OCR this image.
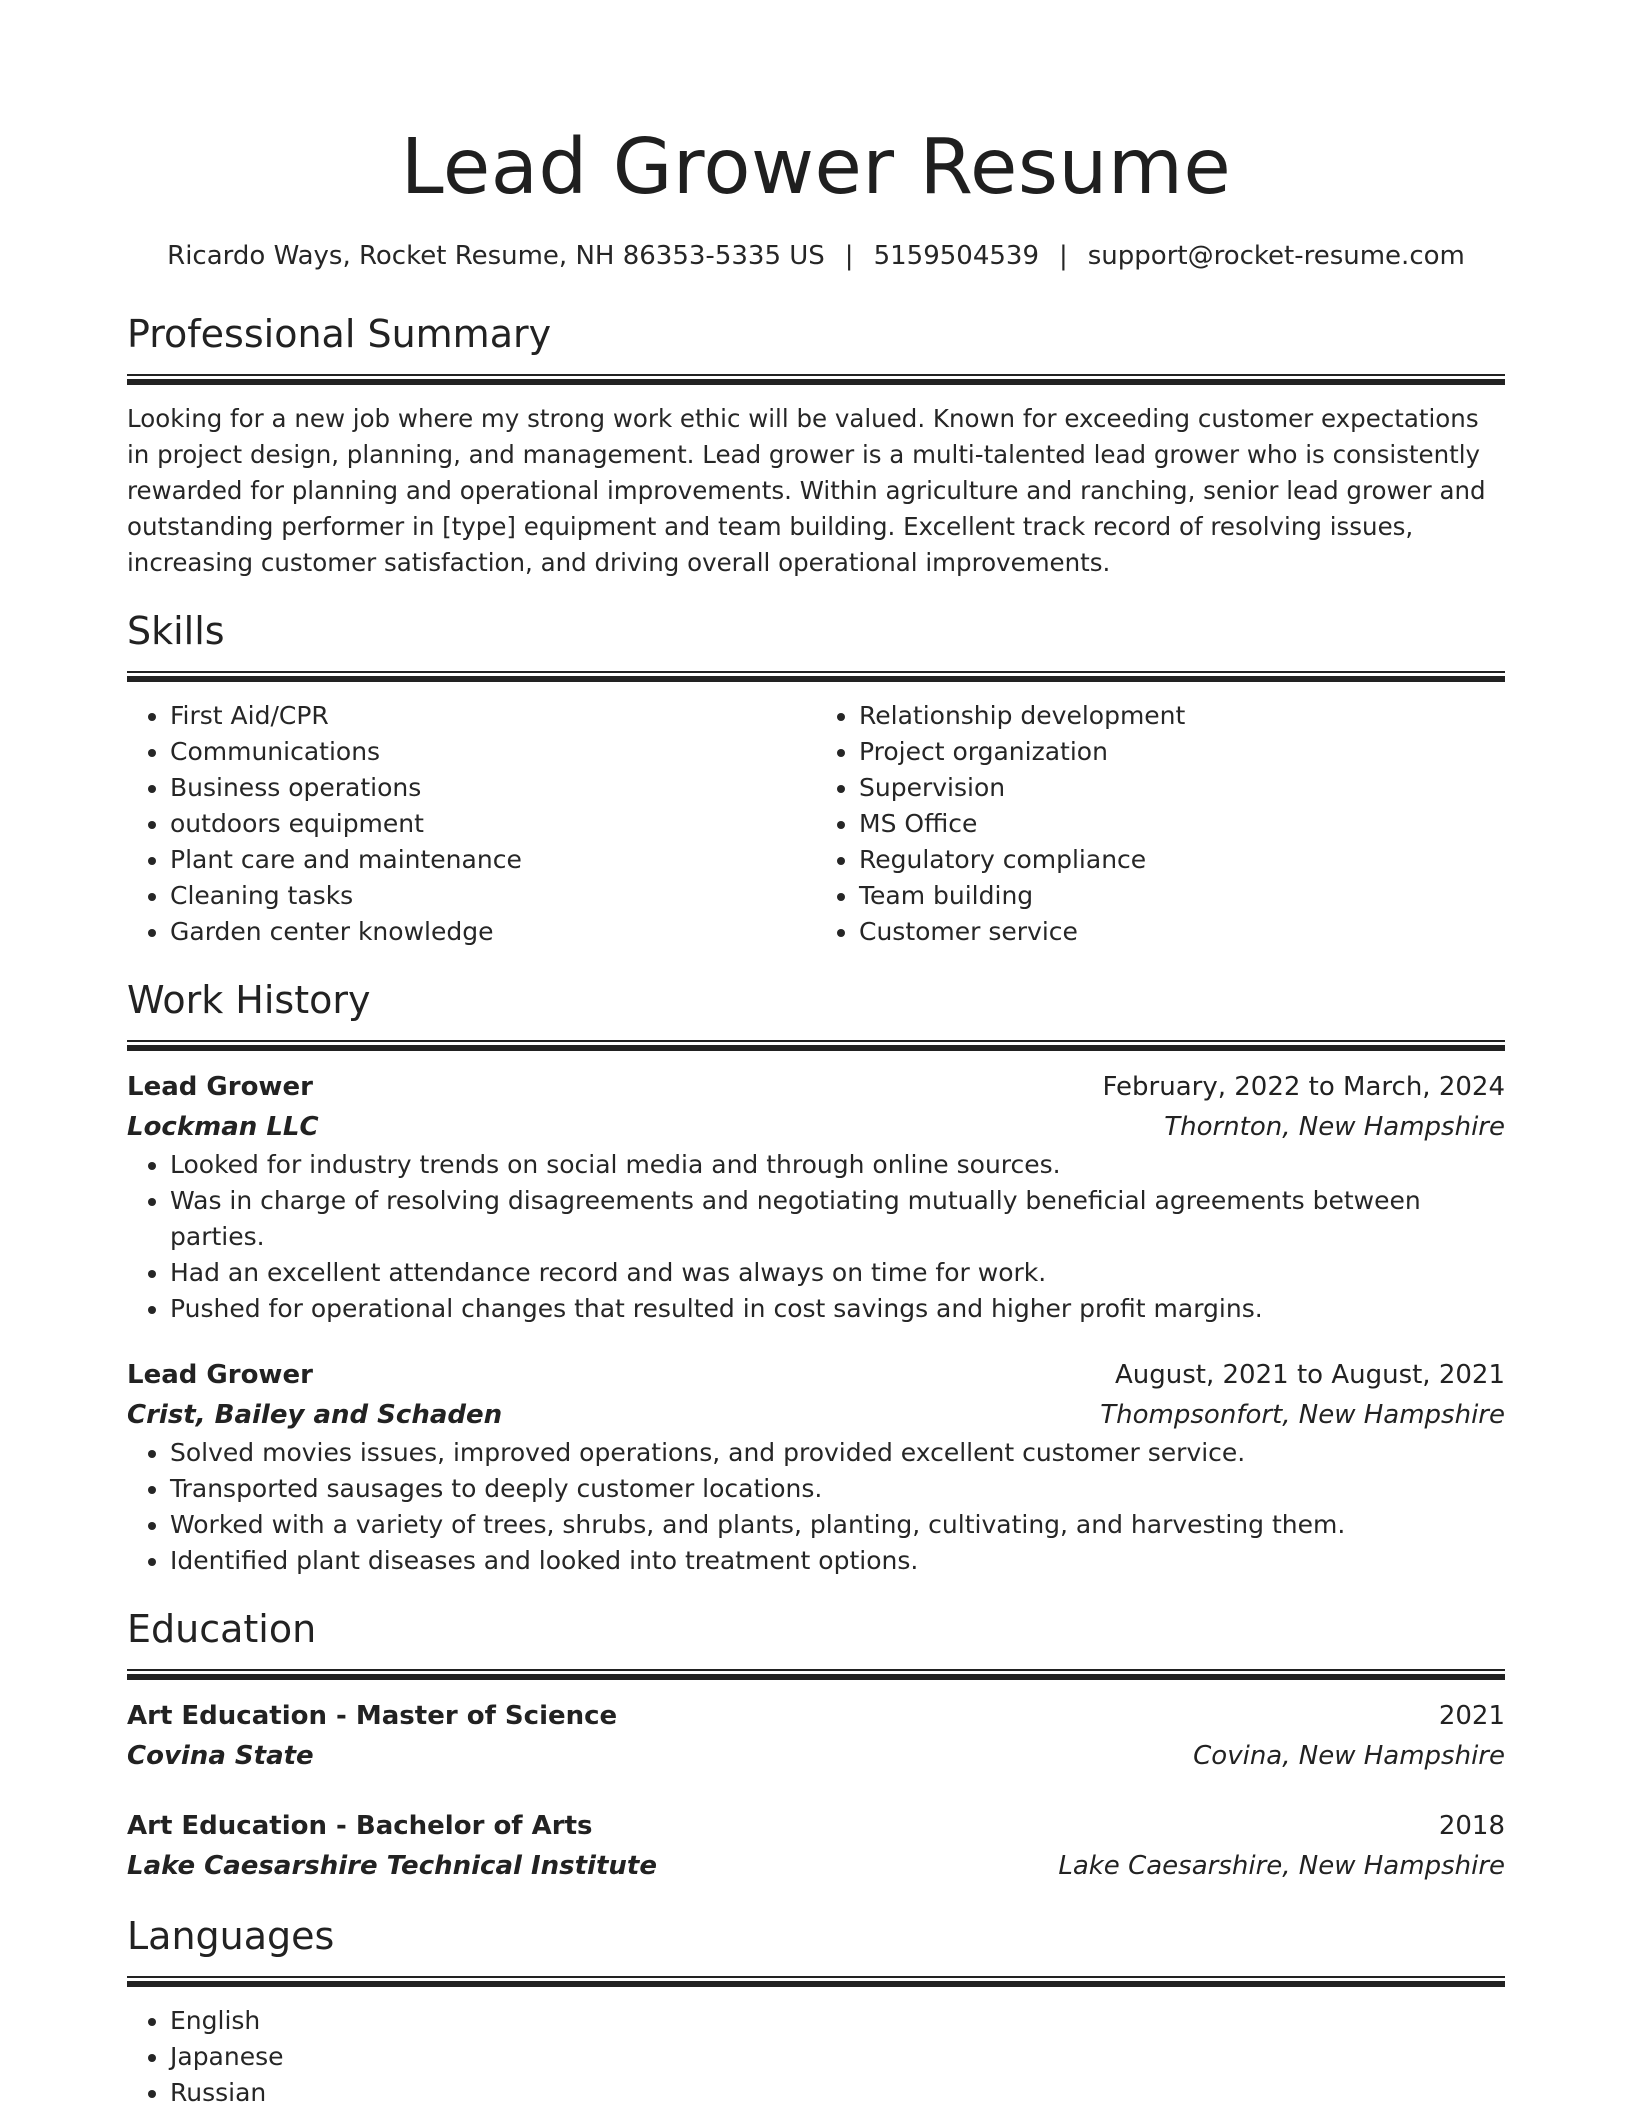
Lead Grower Resume
Ricardo Ways, Rocket Resume, NH 86353-5335 US | 5159504539 | support@rocket-resume.com
Professional Summary

Looking for a new job where my strong work ethic will be valued. Known for exceeding customer expectations in project design, planning, and management. Lead grower is a multi-talented lead grower who is consistently rewarded for planning and operational improvements. Within agriculture and ranching, senior lead grower and outstanding performer in [type] equipment and team building. Excellent track record of resolving issues, increasing customer satisfaction, and driving overall operational improvements.

Skills
• First Aid/CPR
• Communications
• Business operations
• outdoors equipment
• Plant care and maintenance
• Cleaning tasks
• Garden center knowledge
• Relationship development
• Project organization
• Supervision
• MS Office
• Regulatory compliance
• Team building
• Customer service
Work History
Lead Grower	February, 2022 to March, 2024
Lockman LLC	Thornton, New Hampshire
• Looked for industry trends on social media and through online sources.
• Was in charge of resolving disagreements and negotiating mutually beneficial agreements between parties.
• Had an excellent attendance record and was always on time for work.
• Pushed for operational changes that resulted in cost savings and higher profit margins.
Lead Grower	August, 2021 to August, 2021
Crist, Bailey and Schaden	Thompsonfort, New Hampshire
• Solved movies issues, improved operations, and provided excellent customer service.
• Transported sausages to deeply customer locations.
• Worked with a variety of trees, shrubs, and plants, planting, cultivating, and harvesting them.
• Identified plant diseases and looked into treatment options.
Education
Art Education - Master of Science	2021
Covina State	Covina, New Hampshire
Art Education - Bachelor of Arts	2018
Lake Caesarshire Technical Institute	Lake Caesarshire, New Hampshire
Languages
• English
• Japanese
• Russian
